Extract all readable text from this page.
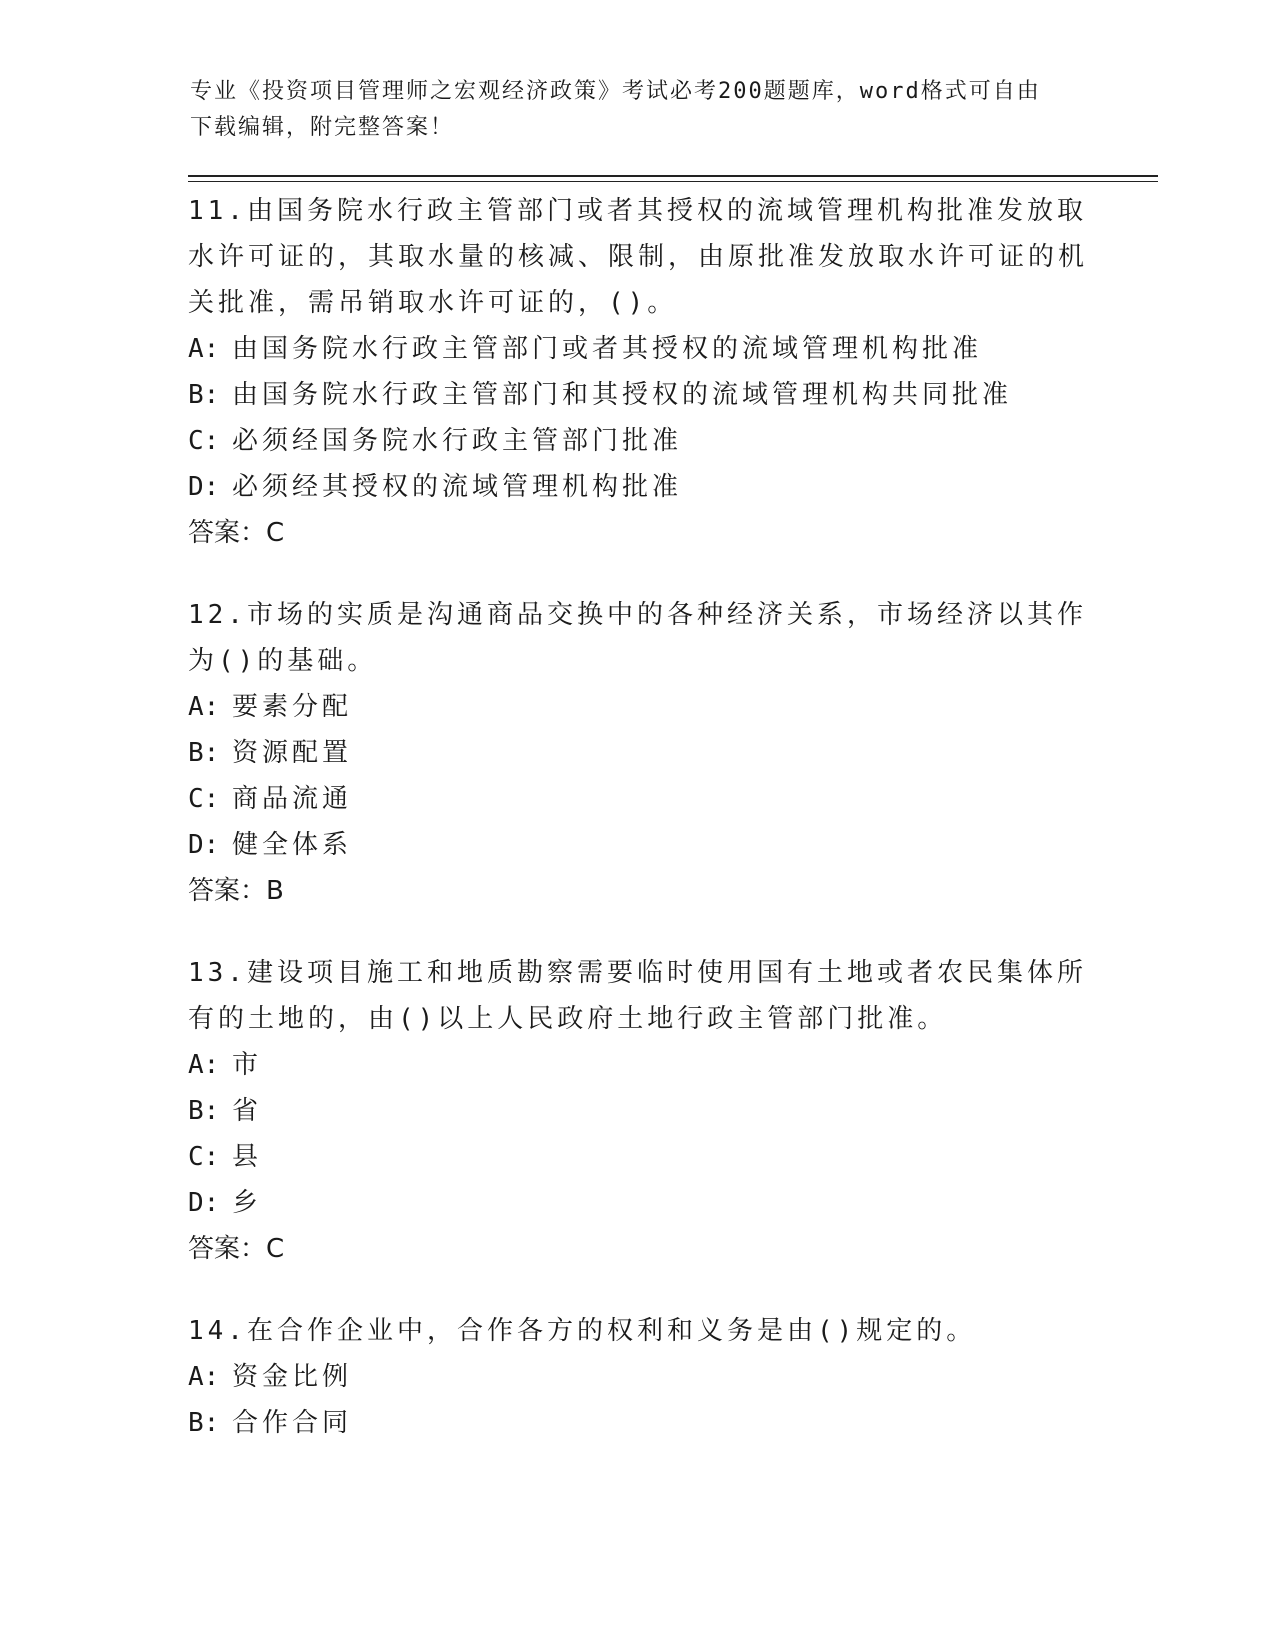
专业《投资项目管理师之宏观经济政策》考试必考200题题库，word格式可自由
下载编辑，附完整答案！

11.由国务院水行政主管部门或者其授权的流域管理机构批准发放取水许可证的，其取水量的核减、限制，由原批准发放取水许可证的机关批准，需吊销取水许可证的，()。

A: 由国务院水行政主管部门或者其授权的流域管理机构批准

B: 由国务院水行政主管部门和其授权的流域管理机构共同批准

C: 必须经国务院水行政主管部门批准

D: 必须经其授权的流域管理机构批准

答案：C

12.市场的实质是沟通商品交换中的各种经济关系，市场经济以其作为()的基础。

A: 要素分配

B: 资源配置

C: 商品流通

D: 健全体系

答案：B

13.建设项目施工和地质勘察需要临时使用国有土地或者农民集体所有的土地的，由()以上人民政府土地行政主管部门批准。

A: 市

B: 省

C: 县

D: 乡

答案：C

14.在合作企业中，合作各方的权利和义务是由()规定的。

A: 资金比例

B: 合作合同
